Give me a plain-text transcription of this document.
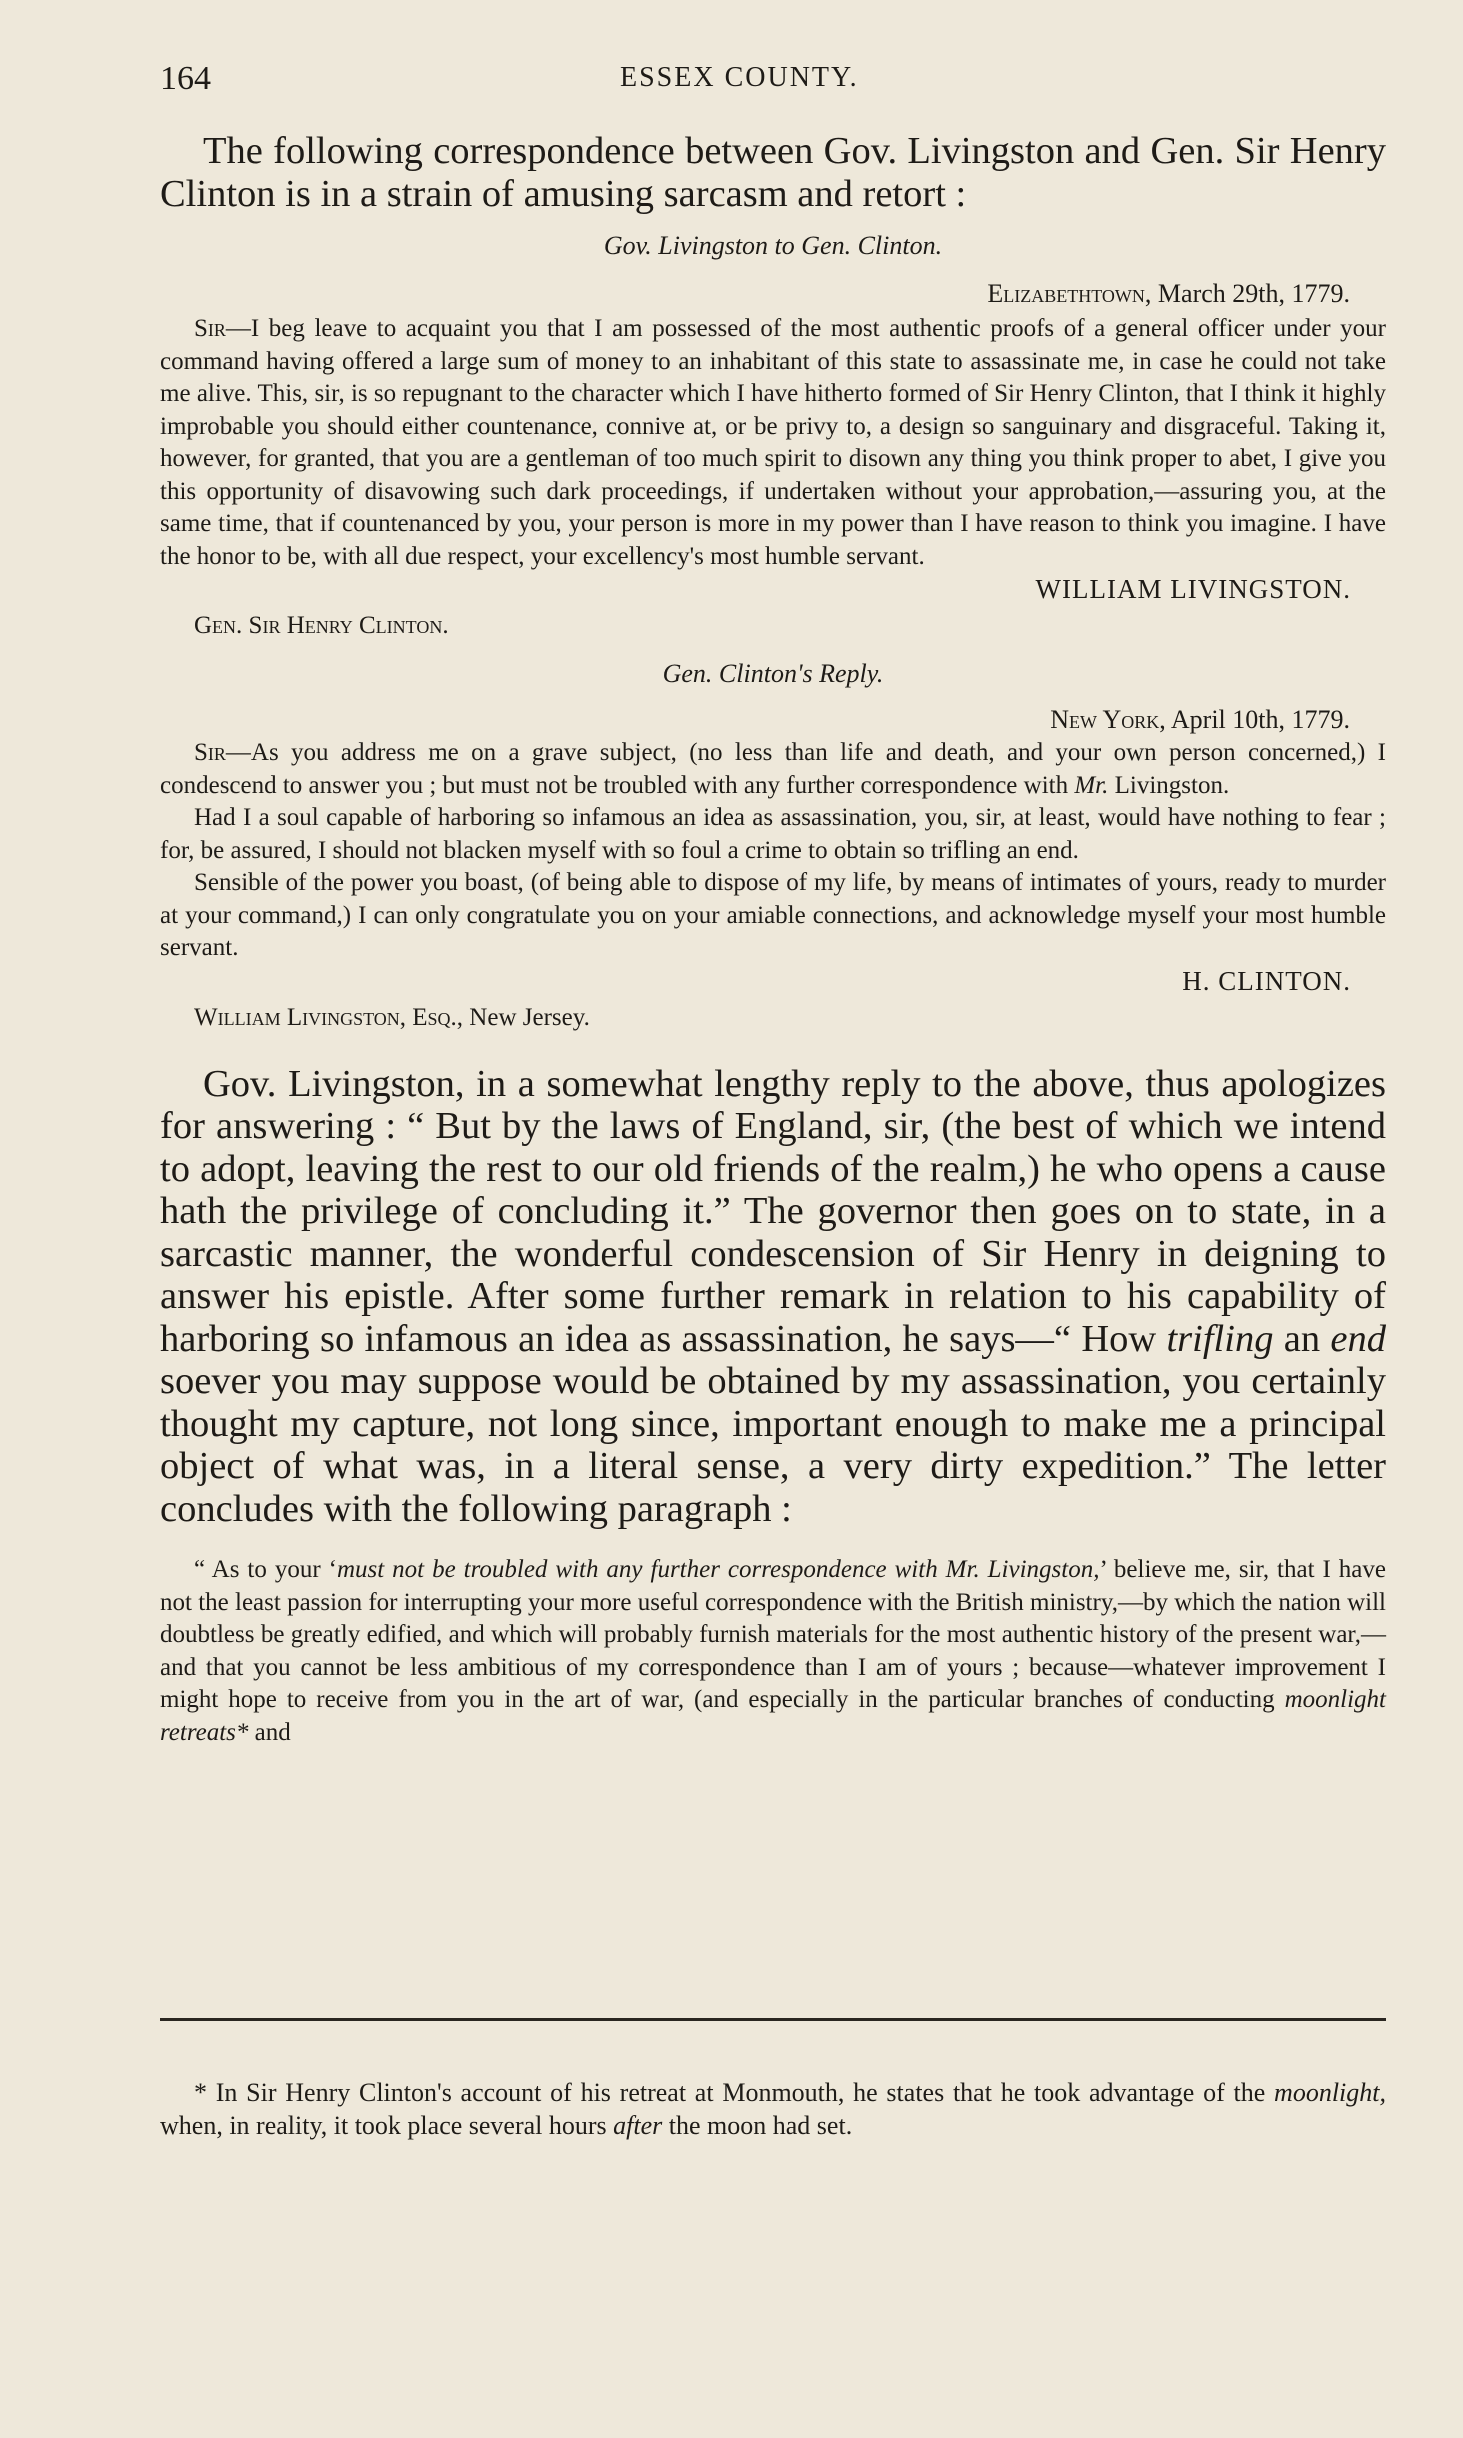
164	ESSEX COUNTY.

The following correspondence between Gov. Livingston and Gen. Sir Henry Clinton is in a strain of amusing sarcasm and retort :

Gov. Livingston to Gen. Clinton.
Elizabethtown, March 29th, 1779.

Sir—I beg leave to acquaint you that I am possessed of the most authentic proofs of a general officer under your command having offered a large sum of money to an inhabitant of this state to assassinate me, in case he could not take me alive. This, sir, is so repugnant to the character which I have hitherto formed of Sir Henry Clinton, that I think it highly improbable you should either countenance, connive at, or be privy to, a design so sanguinary and disgraceful. Taking it, however, for granted, that you are a gentleman of too much spirit to disown any thing you think proper to abet, I give you this opportunity of disavowing such dark proceedings, if undertaken without your approbation,—assuring you, at the same time, that if countenanced by you, your person is more in my power than I have reason to think you imagine. I have the honor to be, with all due respect, your excellency's most humble servant.

WILLIAM LIVINGSTON.
Gen. Sir Henry Clinton.
Gen. Clinton's Reply.
New York, April 10th, 1779.

Sir—As you address me on a grave subject, (no less than life and death, and your own person concerned,) I condescend to answer you ; but must not be troubled with any further correspondence with Mr. Livingston.

Had I a soul capable of harboring so infamous an idea as assassination, you, sir, at least, would have nothing to fear ; for, be assured, I should not blacken myself with so foul a crime to obtain so trifling an end.

Sensible of the power you boast, (of being able to dispose of my life, by means of intimates of yours, ready to murder at your command,) I can only congratulate you on your amiable connections, and acknowledge myself your most humble servant.

H. CLINTON.
William Livingston, Esq., New Jersey.

Gov. Livingston, in a somewhat lengthy reply to the above, thus apologizes for answering : “ But by the laws of England, sir, (the best of which we intend to adopt, leaving the rest to our old friends of the realm,) he who opens a cause hath the privilege of concluding it.” The governor then goes on to state, in a sarcastic manner, the wonderful condescension of Sir Henry in deigning to answer his epistle. After some further remark in relation to his capability of harboring so infamous an idea as assassination, he says—“ How trifling an end soever you may suppose would be obtained by my assassination, you certainly thought my capture, not long since, important enough to make me a principal object of what was, in a literal sense, a very dirty expedition.” The letter concludes with the following paragraph :

“ As to your ‘must not be troubled with any further correspondence with Mr. Livingston,’ believe me, sir, that I have not the least passion for interrupting your more useful correspondence with the British ministry,—by which the nation will doubtless be greatly edified, and which will probably furnish materials for the most authentic history of the present war,—and that you cannot be less ambitious of my correspondence than I am of yours ; because—whatever improvement I might hope to receive from you in the art of war, (and especially in the particular branches of conducting moonlight retreats* and

* In Sir Henry Clinton's account of his retreat at Monmouth, he states that he took advantage of the moonlight, when, in reality, it took place several hours after the moon had set.
